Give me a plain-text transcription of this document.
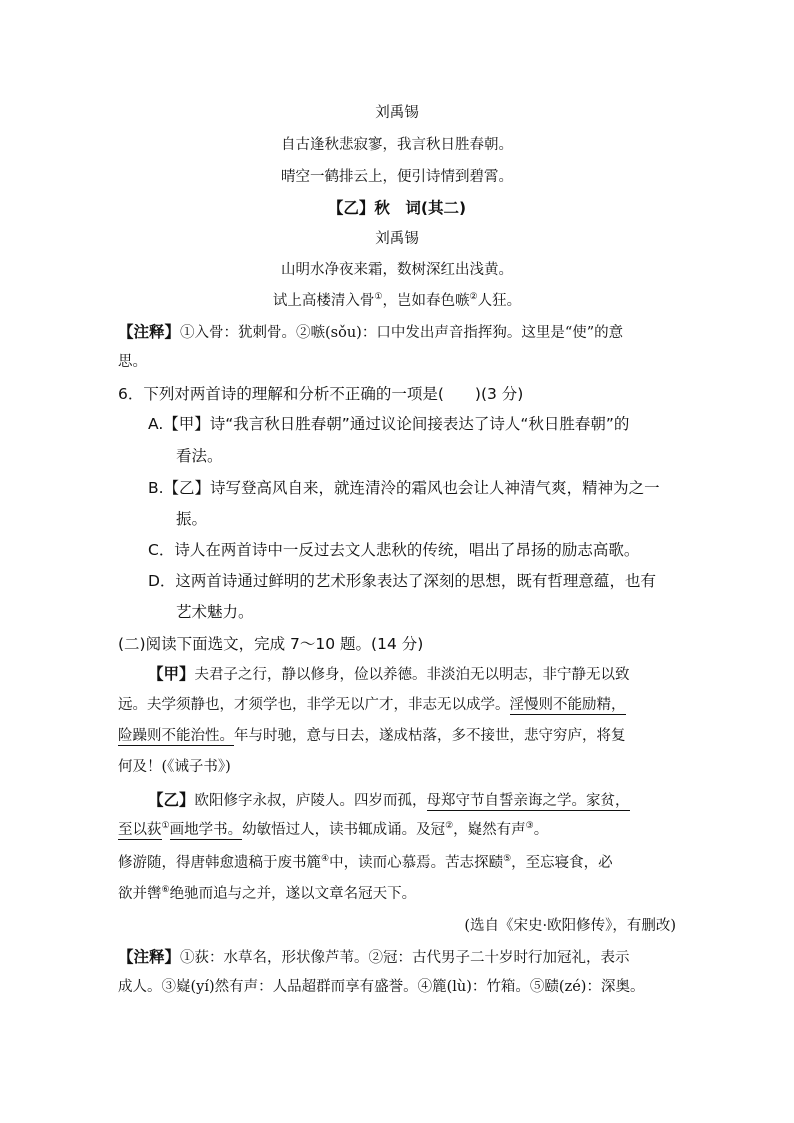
刘禹锡
自古逢秋悲寂寥，我言秋日胜春朝。
晴空一鹤排云上，便引诗情到碧霄。
【乙】秋　词(其二)
刘禹锡
山明水净夜来霜，数树深红出浅黄。
试上高楼清入骨①，岂如春色嗾②人狂。
【注释】①入骨：犹刺骨。②嗾(sǒu)：口中发出声音指挥狗。这里是“使”的意
思。
6．下列对两首诗的理解和分析不正确的一项是(　　)(3 分)
A.【甲】诗“我言秋日胜春朝”通过议论间接表达了诗人“秋日胜春朝”的
看法。
B.【乙】诗写登高风自来，就连清泠的霜风也会让人神清气爽，精神为之一
振。
C．诗人在两首诗中一反过去文人悲秋的传统，唱出了昂扬的励志高歌。
D．这两首诗通过鲜明的艺术形象表达了深刻的思想，既有哲理意蕴，也有
艺术魅力。
(二)阅读下面选文，完成 7～10 题。(14 分)
【甲】夫君子之行，静以修身，俭以养德。非淡泊无以明志，非宁静无以致
远。夫学须静也，才须学也，非学无以广才，非志无以成学。淫慢则不能励精，
险躁则不能治性。年与时驰，意与日去，遂成枯落，多不接世，悲守穷庐，将复
何及！(《诫子书》)
【乙】欧阳修字永叔，庐陵人。四岁而孤，母郑守节自誓亲诲之学。家贫，
至以荻①画地学书。幼敏悟过人，读书辄成诵。及冠②，嶷然有声③。
修游随，得唐韩愈遗稿于废书簏④中，读而心慕焉。苦志探赜⑤，至忘寝食，必
欲并辔⑥绝驰而追与之并，遂以文章名冠天下。
(选自《宋史·欧阳修传》，有删改)
【注释】①荻：水草名，形状像芦苇。②冠：古代男子二十岁时行加冠礼，表示
成人。③嶷(yí)然有声：人品超群而享有盛誉。④簏(lù)：竹箱。⑤赜(zé)：深奥。
